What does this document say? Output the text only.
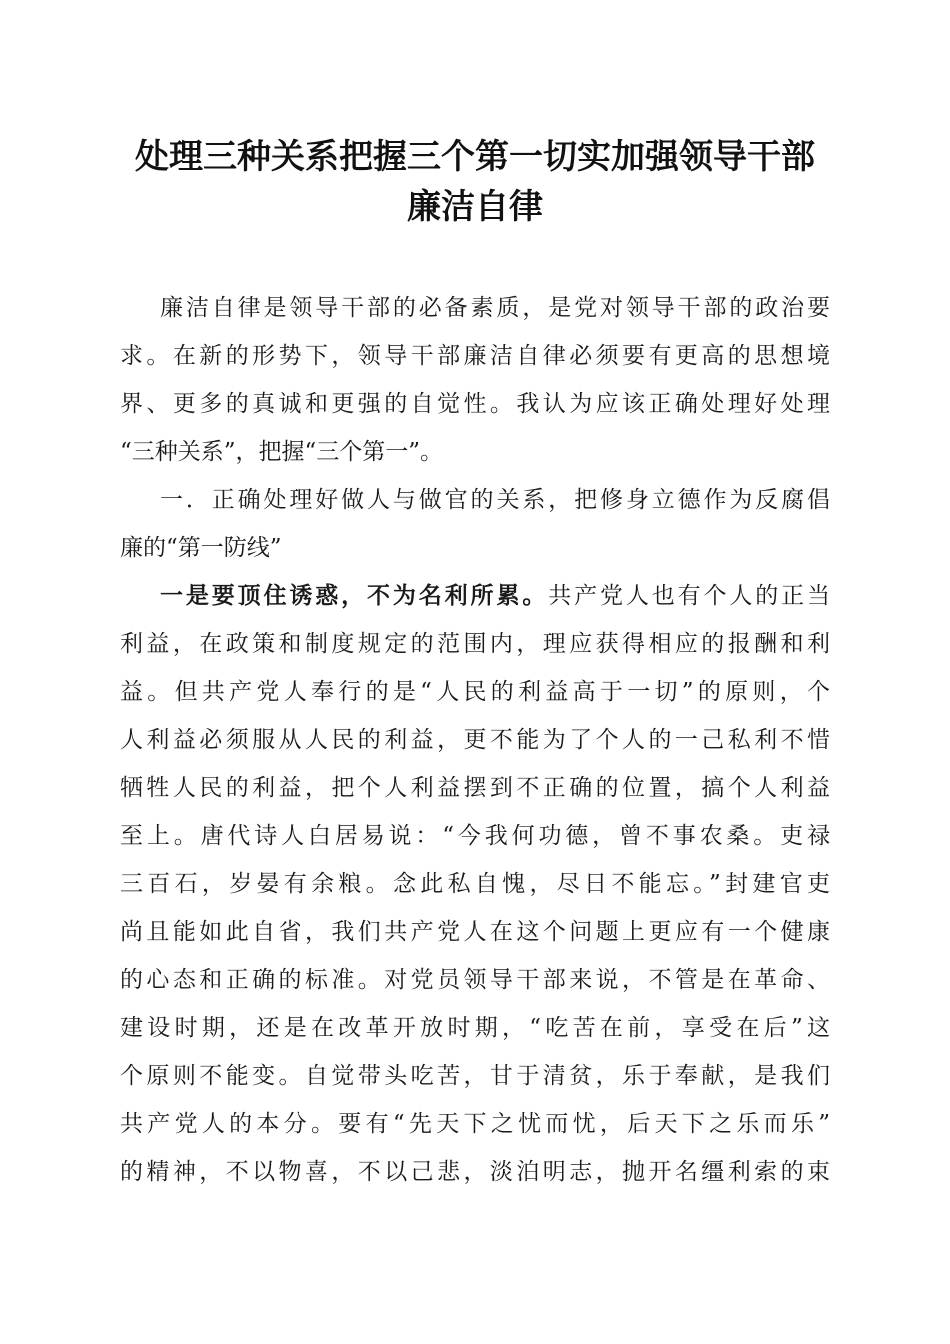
处理三种关系把握三个第一切实加强领导干部
廉洁自律
廉洁自律是领导干部的必备素质，是党对领导干部的政治要
求。在新的形势下，领导干部廉洁自律必须要有更高的思想境
界、更多的真诚和更强的自觉性。我认为应该正确处理好处理
“三种关系”，把握“三个第一”。
一．正确处理好做人与做官的关系，把修身立德作为反腐倡
廉的“第一防线”
一是要顶住诱惑，不为名利所累。共产党人也有个人的正当
利益，在政策和制度规定的范围内，理应获得相应的报酬和利
益。但共产党人奉行的是“人民的利益高于一切”的原则，个
人利益必须服从人民的利益，更不能为了个人的一己私利不惜
牺牲人民的利益，把个人利益摆到不正确的位置，搞个人利益
至上。唐代诗人白居易说：“今我何功德，曾不事农桑。吏禄
三百石，岁晏有余粮。念此私自愧，尽日不能忘。”封建官吏
尚且能如此自省，我们共产党人在这个问题上更应有一个健康
的心态和正确的标准。对党员领导干部来说，不管是在革命、
建设时期，还是在改革开放时期，“吃苦在前，享受在后”这
个原则不能变。自觉带头吃苦，甘于清贫，乐于奉献，是我们
共产党人的本分。要有“先天下之忧而忧，后天下之乐而乐”
的精神，不以物喜，不以己悲，淡泊明志，抛开名缰利索的束
